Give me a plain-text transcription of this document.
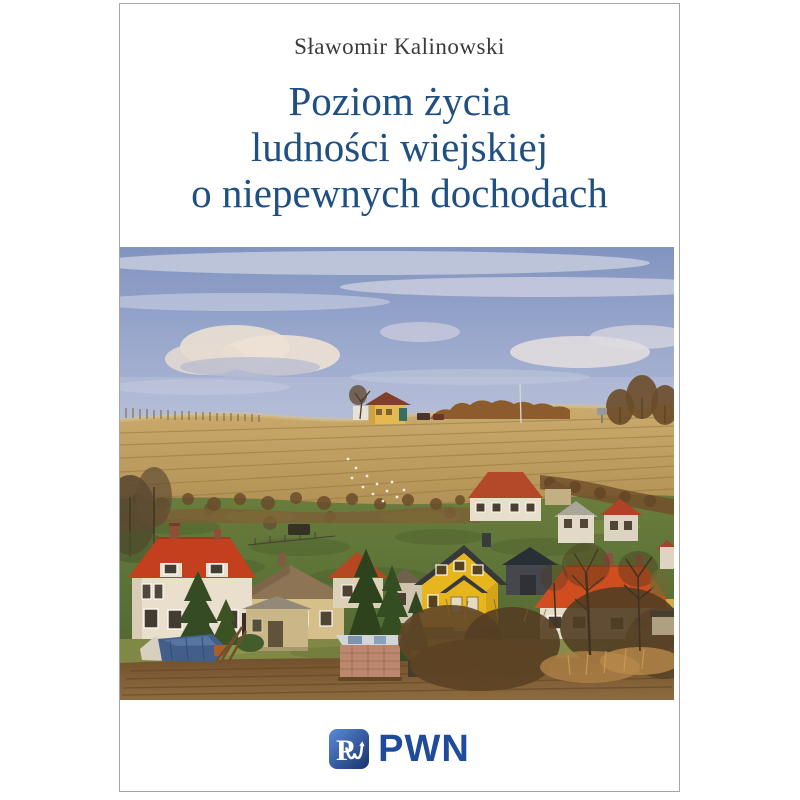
Sławomir Kalinowski
Poziom życia
ludności wiejskiej
o niepewnych dochodach
P PWN
